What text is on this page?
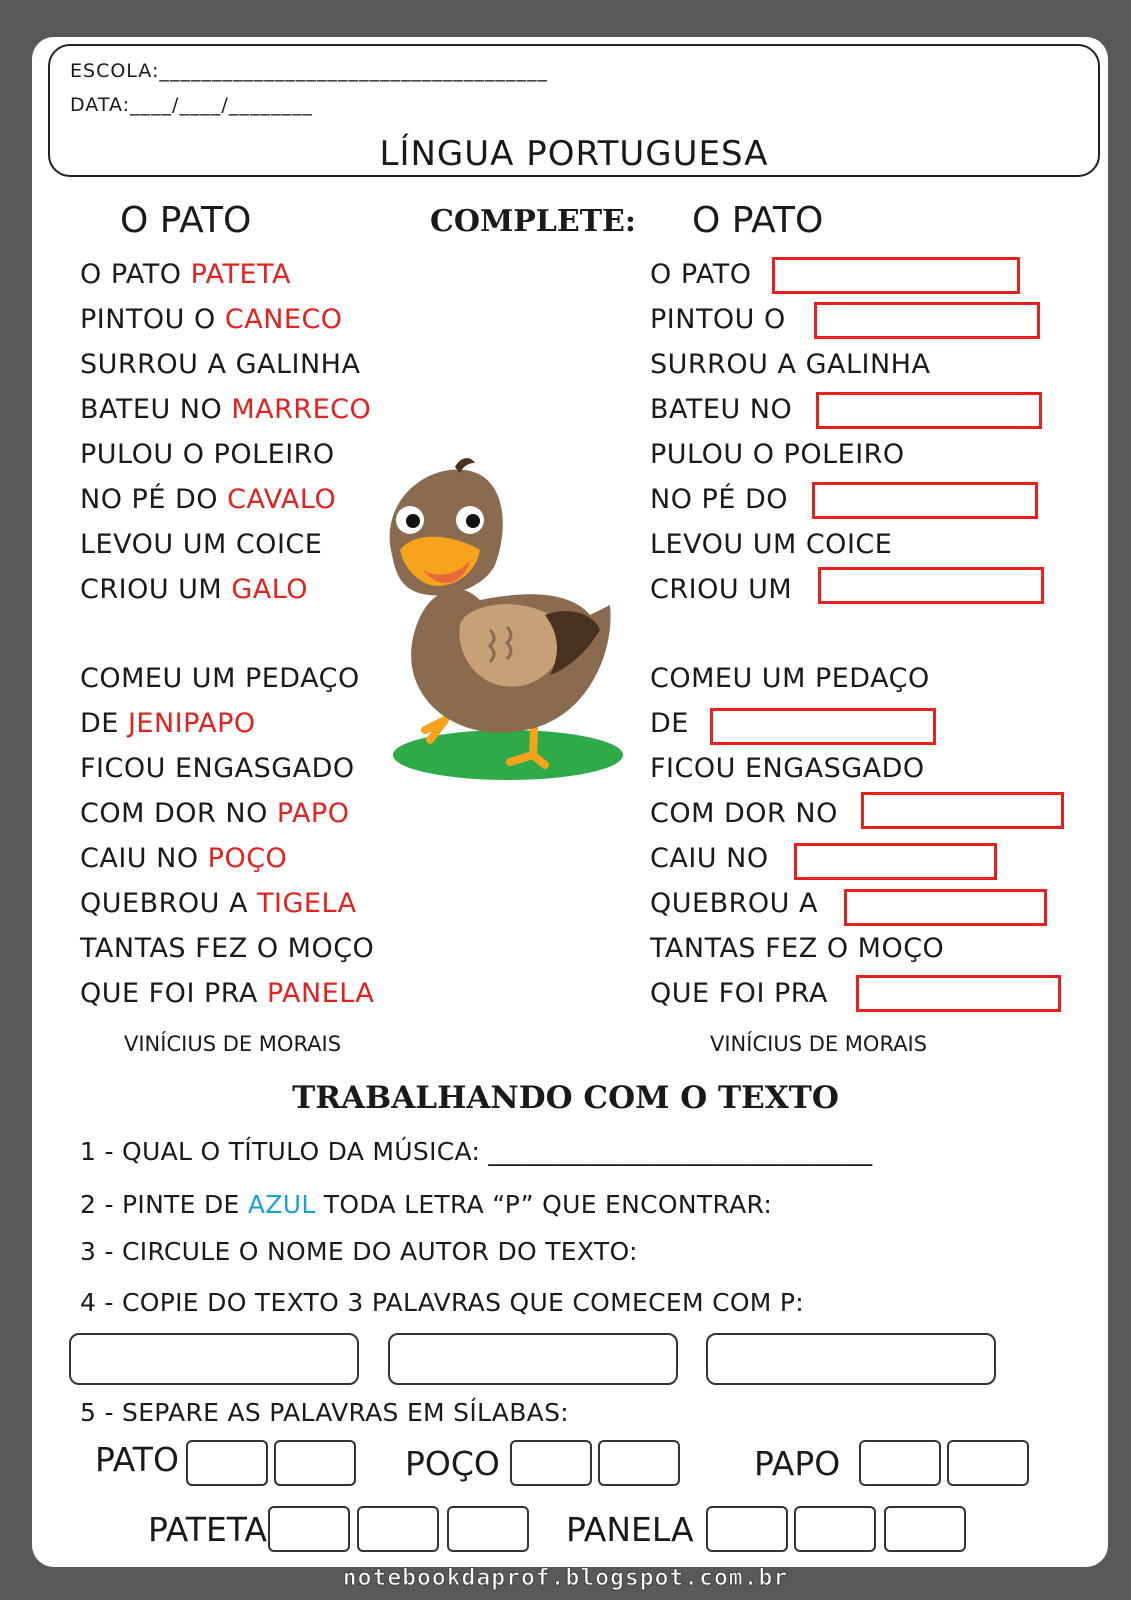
ESCOLA:_____________________________________
DATA:____/____/________
LÍNGUA PORTUGUESA
O PATO	COMPLETE: O PATO
O PATO PATETA
PINTOU O CANECO
SURROU A GALINHA
BATEU NO MARRECO
PULOU O POLEIRO
NO PÉ DO CAVALO
LEVOU UM COICE
CRIOU UM GALO
COMEU UM PEDAÇO
DE JENIPAPO
FICOU ENGASGADO
COM DOR NO PAPO
CAIU NO POÇO
QUEBROU A TIGELA
TANTAS FEZ O MOÇO
QUE FOI PRA PANELA
VINÍCIUS DE MORAIS
O PATO
PINTOU O
SURROU A GALINHA
BATEU NO
PULOU O POLEIRO
NO PÉ DO
LEVOU UM COICE
CRIOU UM
COMEU UM PEDAÇO
DE
FICOU ENGASGADO
COM DOR NO
CAIU NO
QUEBROU A
TANTAS FEZ O MOÇO
QUE FOI PRA
VINÍCIUS DE MORAIS
TRABALHANDO COM O TEXTO
1 - QUAL O TÍTULO DA MÚSICA: ______________________________
2 - PINTE DE AZUL TODA LETRA “P” QUE ENCONTRAR:
3 - CIRCULE O NOME DO AUTOR DO TEXTO:
4 - COPIE DO TEXTO 3 PALAVRAS QUE COMECEM COM P:
5 - SEPARE AS PALAVRAS EM SÍLABAS:
PATO	POÇO	PAPO
PATETA	PANELA
notebookdaprof.blogspot.com.br
